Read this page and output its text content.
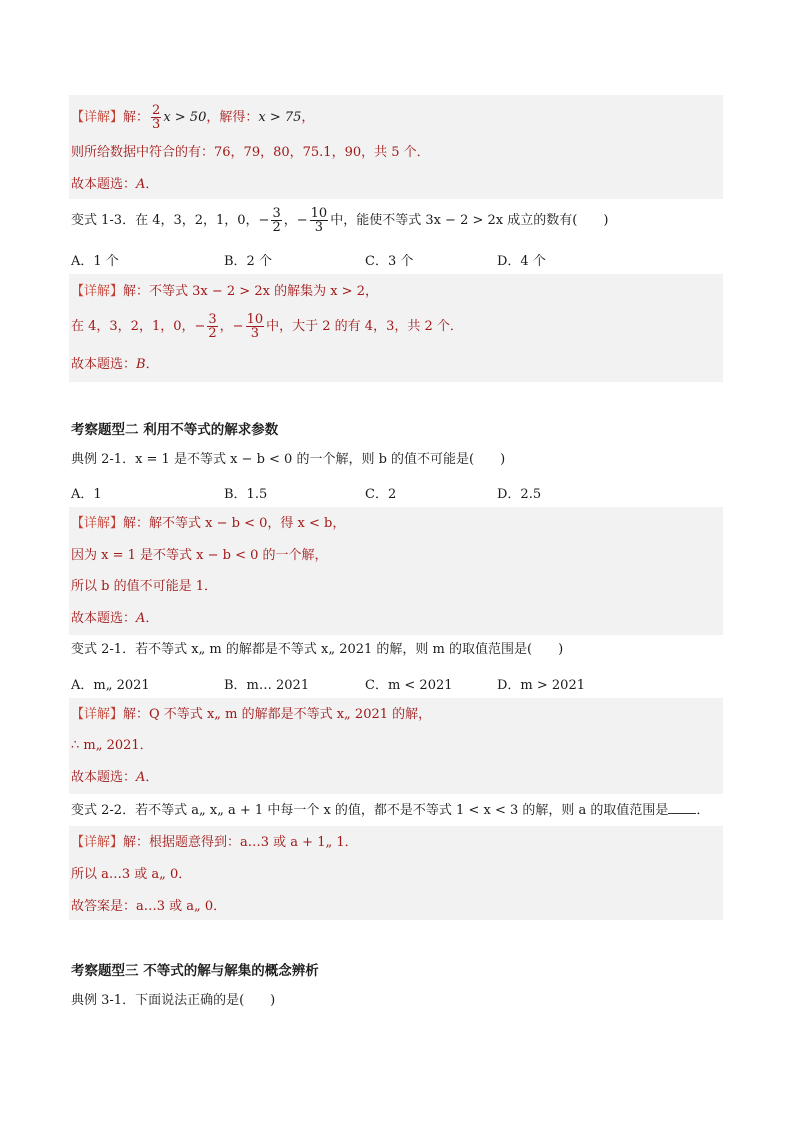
【详解】解： $\frac{2}{3}$ x > 50，解得：x > 75，
则所给数据中符合的有：76，79，80，75.1，90，共 5 个．
故本题选：A．
变式 1-3．在 4，3，2，1，0，− $\frac{3}{2}$ ，− $\frac{10}{3}$ 中，能使不等式 3x − 2 > 2x 成立的数有(　　)
A．1 个	B．2 个	C．3 个	D．4 个
【详解】解：不等式 3x − 2 > 2x 的解集为 x > 2，
在 4，3，2，1，0，− $\frac{3}{2}$ ，− $\frac{10}{3}$ 中，大于 2 的有 4，3，共 2 个．
故本题选：B．
考察题型二 利用不等式的解求参数
典例 2-1．x = 1 是不等式 x − b < 0 的一个解，则 b 的值不可能是(　　)
A．1	B．1.5	C．2	D．2.5
【详解】解：解不等式 x − b < 0，得 x < b，
因为 x = 1 是不等式 x − b < 0 的一个解，
所以 b 的值不可能是 1．
故本题选：A．
变式 2-1．若不等式 x„ m 的解都是不等式 x„ 2021 的解，则 m 的取值范围是(　　)
A．m„ 2021	B．m… 2021	C．m < 2021	D．m > 2021
【详解】解：Q 不等式 x„ m 的解都是不等式 x„ 2021 的解，
∴ m„ 2021．
故本题选：A．
变式 2-2．若不等式 a„ x„ a + 1 中每一个 x 的值，都不是不等式 1 < x < 3 的解，则 a 的取值范围是 ．
【详解】解：根据题意得到：a…3 或 a + 1„ 1．
所以 a…3 或 a„ 0．
故答案是：a…3 或 a„ 0．
考察题型三 不等式的解与解集的概念辨析
典例 3-1．下面说法正确的是(　　)
